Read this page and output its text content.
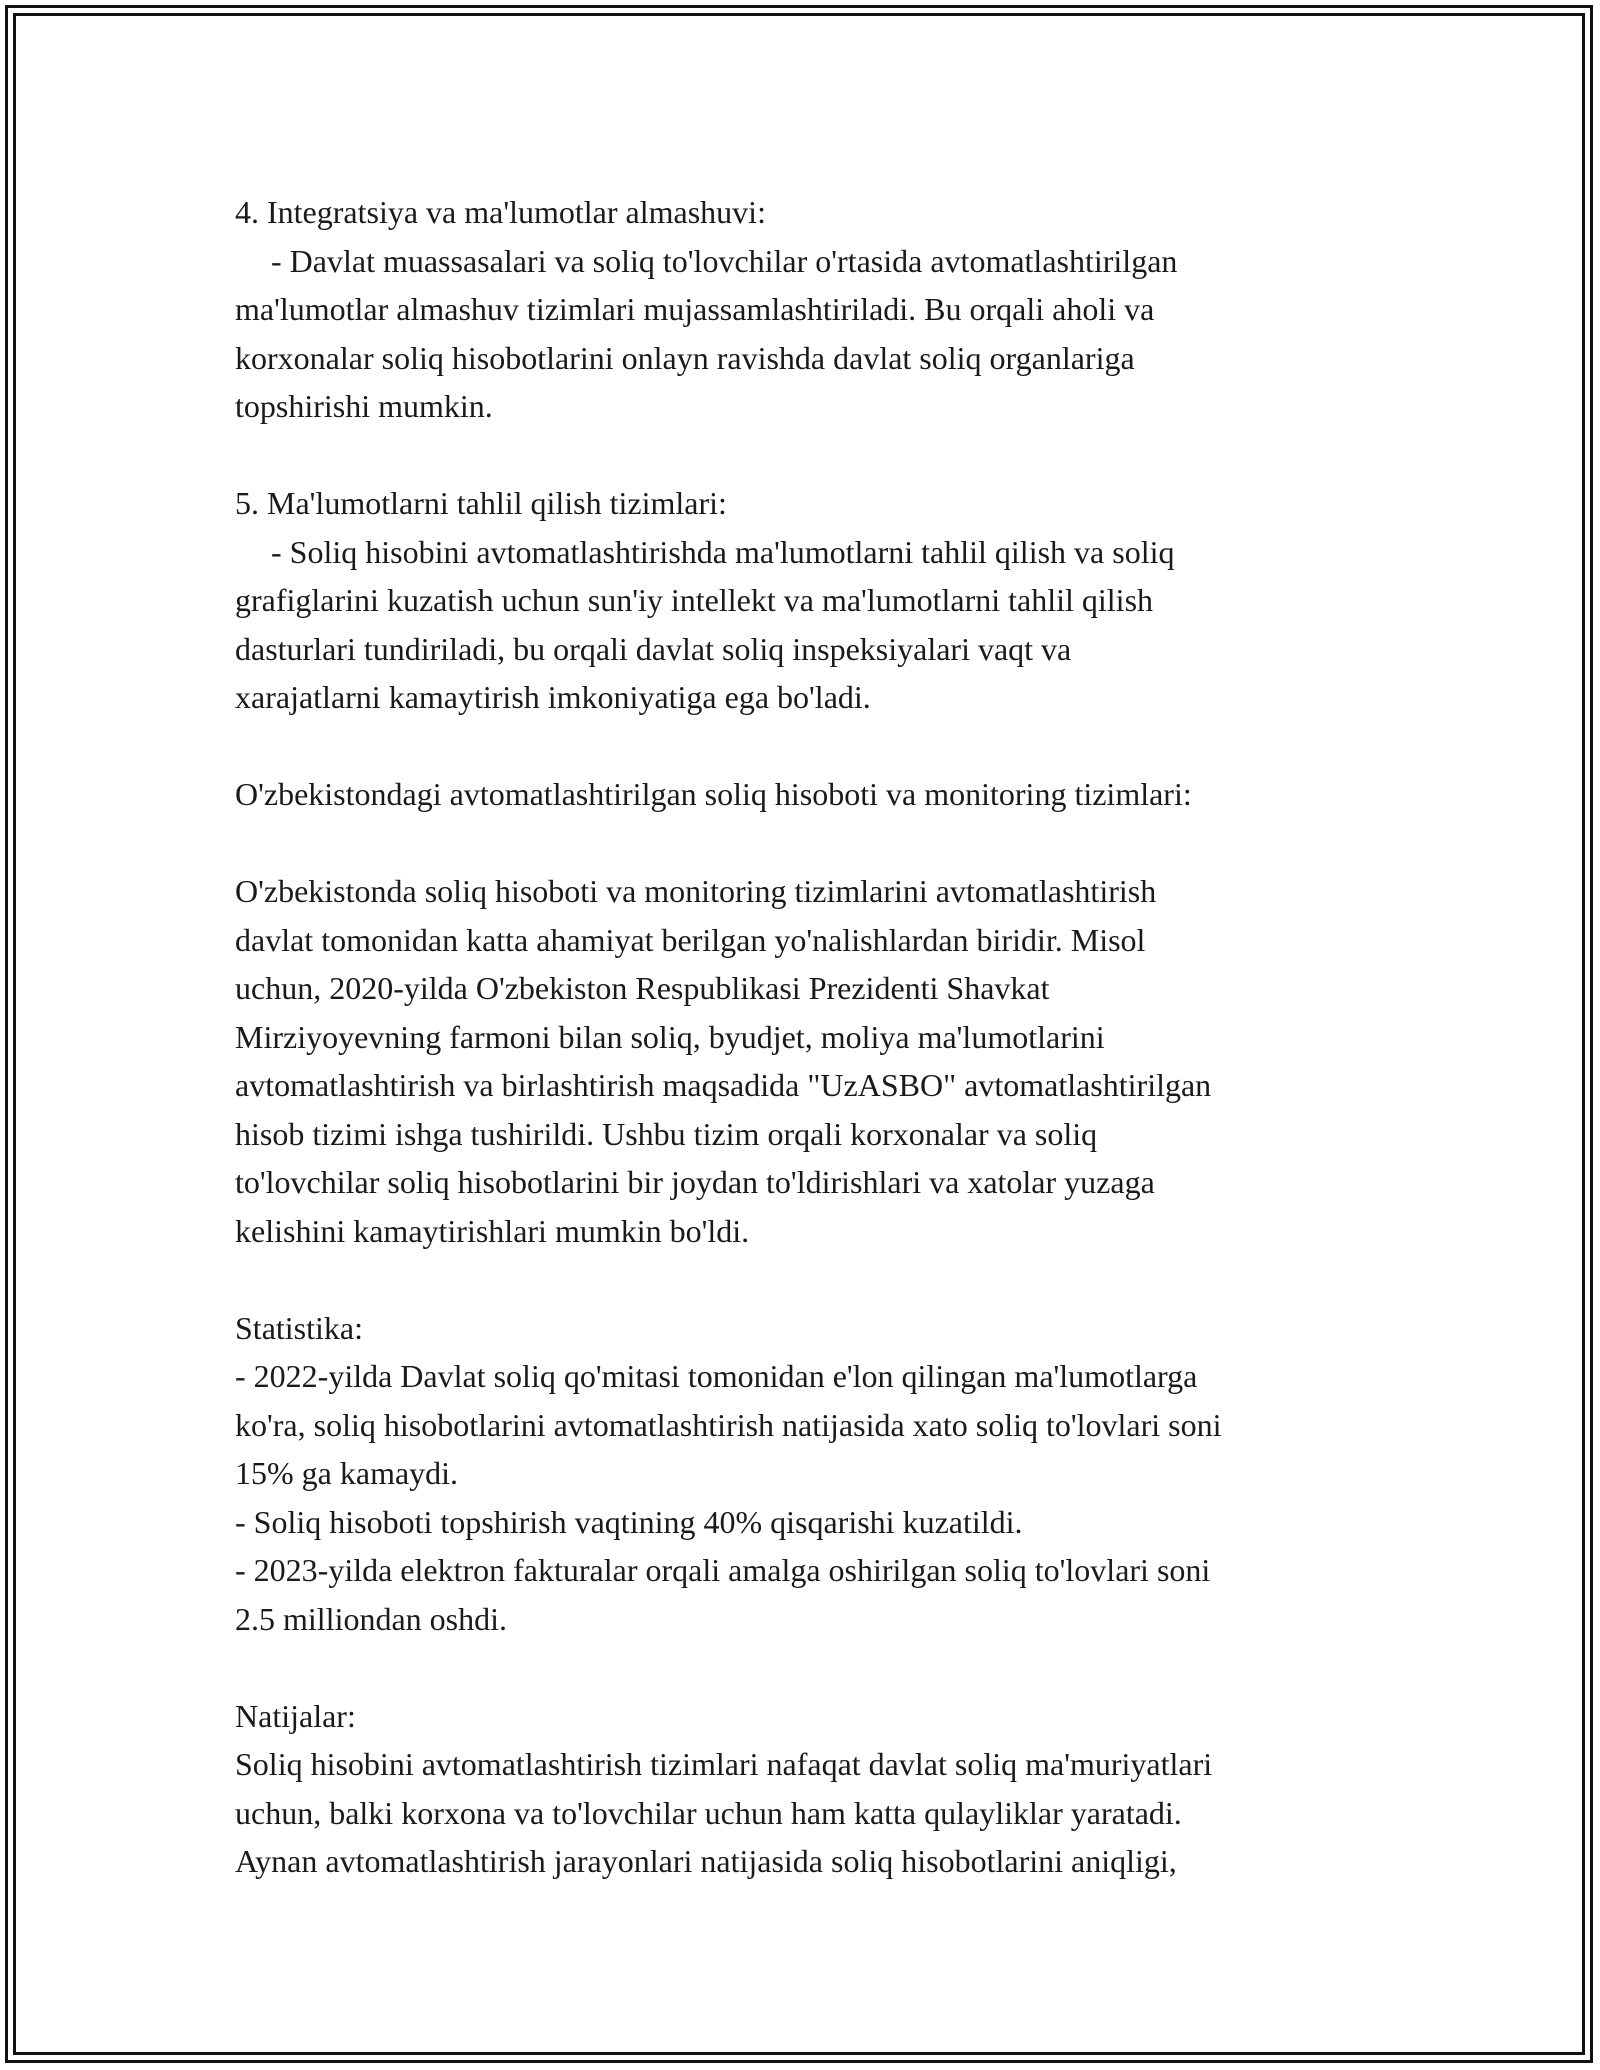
4. Integratsiya va ma'lumotlar almashuvi:
- Davlat muassasalari va soliq to'lovchilar o'rtasida avtomatlashtirilgan
ma'lumotlar almashuv tizimlari mujassamlashtiriladi. Bu orqali aholi va
korxonalar soliq hisobotlarini onlayn ravishda davlat soliq organlariga
topshirishi mumkin.
5. Ma'lumotlarni tahlil qilish tizimlari:
- Soliq hisobini avtomatlashtirishda ma'lumotlarni tahlil qilish va soliq
grafiglarini kuzatish uchun sun'iy intellekt va ma'lumotlarni tahlil qilish
dasturlari tundiriladi, bu orqali davlat soliq inspeksiyalari vaqt va
xarajatlarni kamaytirish imkoniyatiga ega bo'ladi.
O'zbekistondagi avtomatlashtirilgan soliq hisoboti va monitoring tizimlari:
O'zbekistonda soliq hisoboti va monitoring tizimlarini avtomatlashtirish
davlat tomonidan katta ahamiyat berilgan yo'nalishlardan biridir. Misol
uchun, 2020-yilda O'zbekiston Respublikasi Prezidenti Shavkat
Mirziyoyevning farmoni bilan soliq, byudjet, moliya ma'lumotlarini
avtomatlashtirish va birlashtirish maqsadida "UzASBO" avtomatlashtirilgan
hisob tizimi ishga tushirildi. Ushbu tizim orqali korxonalar va soliq
to'lovchilar soliq hisobotlarini bir joydan to'ldirishlari va xatolar yuzaga
kelishini kamaytirishlari mumkin bo'ldi.
Statistika:
- 2022-yilda Davlat soliq qo'mitasi tomonidan e'lon qilingan ma'lumotlarga
ko'ra, soliq hisobotlarini avtomatlashtirish natijasida xato soliq to'lovlari soni
15% ga kamaydi.
- Soliq hisoboti topshirish vaqtining 40% qisqarishi kuzatildi.
- 2023-yilda elektron fakturalar orqali amalga oshirilgan soliq to'lovlari soni
2.5 milliondan oshdi.
Natijalar:
Soliq hisobini avtomatlashtirish tizimlari nafaqat davlat soliq ma'muriyatlari
uchun, balki korxona va to'lovchilar uchun ham katta qulayliklar yaratadi.
Aynan avtomatlashtirish jarayonlari natijasida soliq hisobotlarini aniqligi,
